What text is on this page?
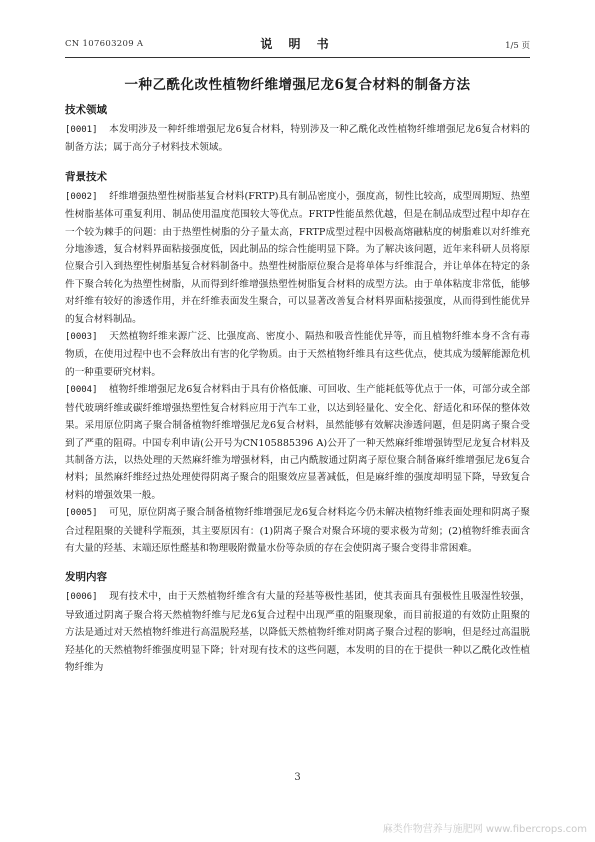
CN 107603209 A	说 明 书	1/5 页
一种乙酰化改性植物纤维增强尼龙6复合材料的制备方法
技术领域

[0001] 本发明涉及一种纤维增强尼龙6复合材料，特别涉及一种乙酰化改性植物纤维增强尼龙6复合材料的制备方法；属于高分子材料技术领域。

背景技术

[0002] 纤维增强热塑性树脂基复合材料(FRTP)具有制品密度小，强度高，韧性比较高，成型周期短、热塑性树脂基体可重复利用、制品使用温度范围较大等优点。FRTP性能虽然优越，但是在制品成型过程中却存在一个较为棘手的问题：由于热塑性树脂的分子量太高，FRTP成型过程中因极高熔融粘度的树脂难以对纤维充分地渗透，复合材料界面粘接强度低，因此制品的综合性能明显下降。为了解决该问题，近年来科研人员将原位聚合引入到热塑性树脂基复合材料制备中。热塑性树脂原位聚合是将单体与纤维混合，并让单体在特定的条件下聚合转化为热塑性树脂，从而得到纤维增强热塑性树脂复合材料的成型方法。由于单体粘度非常低，能够对纤维有较好的渗透作用，并在纤维表面发生聚合，可以显著改善复合材料界面粘接强度，从而得到性能优异的复合材料制品。

[0003] 天然植物纤维来源广泛、比强度高、密度小、隔热和吸音性能优异等，而且植物纤维本身不含有毒物质，在使用过程中也不会释放出有害的化学物质。由于天然植物纤维具有这些优点，使其成为缓解能源危机的一种重要研究材料。

[0004] 植物纤维增强尼龙6复合材料由于具有价格低廉、可回收、生产能耗低等优点于一体，可部分或全部替代玻璃纤维或碳纤维增强热塑性复合材料应用于汽车工业，以达到轻量化、安全化、舒适化和环保的整体效果。采用原位阴离子聚合制备植物纤维增强尼龙6复合材料，虽然能够有效解决渗透问题，但是阴离子聚合受到了严重的阻碍。中国专利申请(公开号为CN105885396 A)公开了一种天然麻纤维增强铸型尼龙复合材料及其制备方法，以热处理的天然麻纤维为增强材料，由己内酰胺通过阴离子原位聚合制备麻纤维增强尼龙6复合材料；虽然麻纤维经过热处理使得阴离子聚合的阻聚效应显著减低，但是麻纤维的强度却明显下降，导致复合材料的增强效果一般。

[0005] 可见，原位阴离子聚合制备植物纤维增强尼龙6复合材料迄今仍未解决植物纤维表面处理和阴离子聚合过程阻聚的关键科学瓶颈，其主要原因有：(1)阴离子聚合对聚合环境的要求极为苛刻；(2)植物纤维表面含有大量的羟基、末端还原性醛基和物理吸附微量水份等杂质的存在会使阴离子聚合变得非常困难。

发明内容

[0006] 现有技术中，由于天然植物纤维含有大量的羟基等极性基团，使其表面具有强极性且吸湿性较强，导致通过阴离子聚合将天然植物纤维与尼龙6复合过程中出现严重的阻聚现象，而目前报道的有效防止阻聚的方法是通过对天然植物纤维进行高温脱羟基，以降低天然植物纤维对阴离子聚合过程的影响，但是经过高温脱羟基化的天然植物纤维强度明显下降；针对现有技术的这些问题，本发明的目的在于提供一种以乙酰化改性植物纤维为

3
麻类作物营养与施肥网 www.fibercrops.com
